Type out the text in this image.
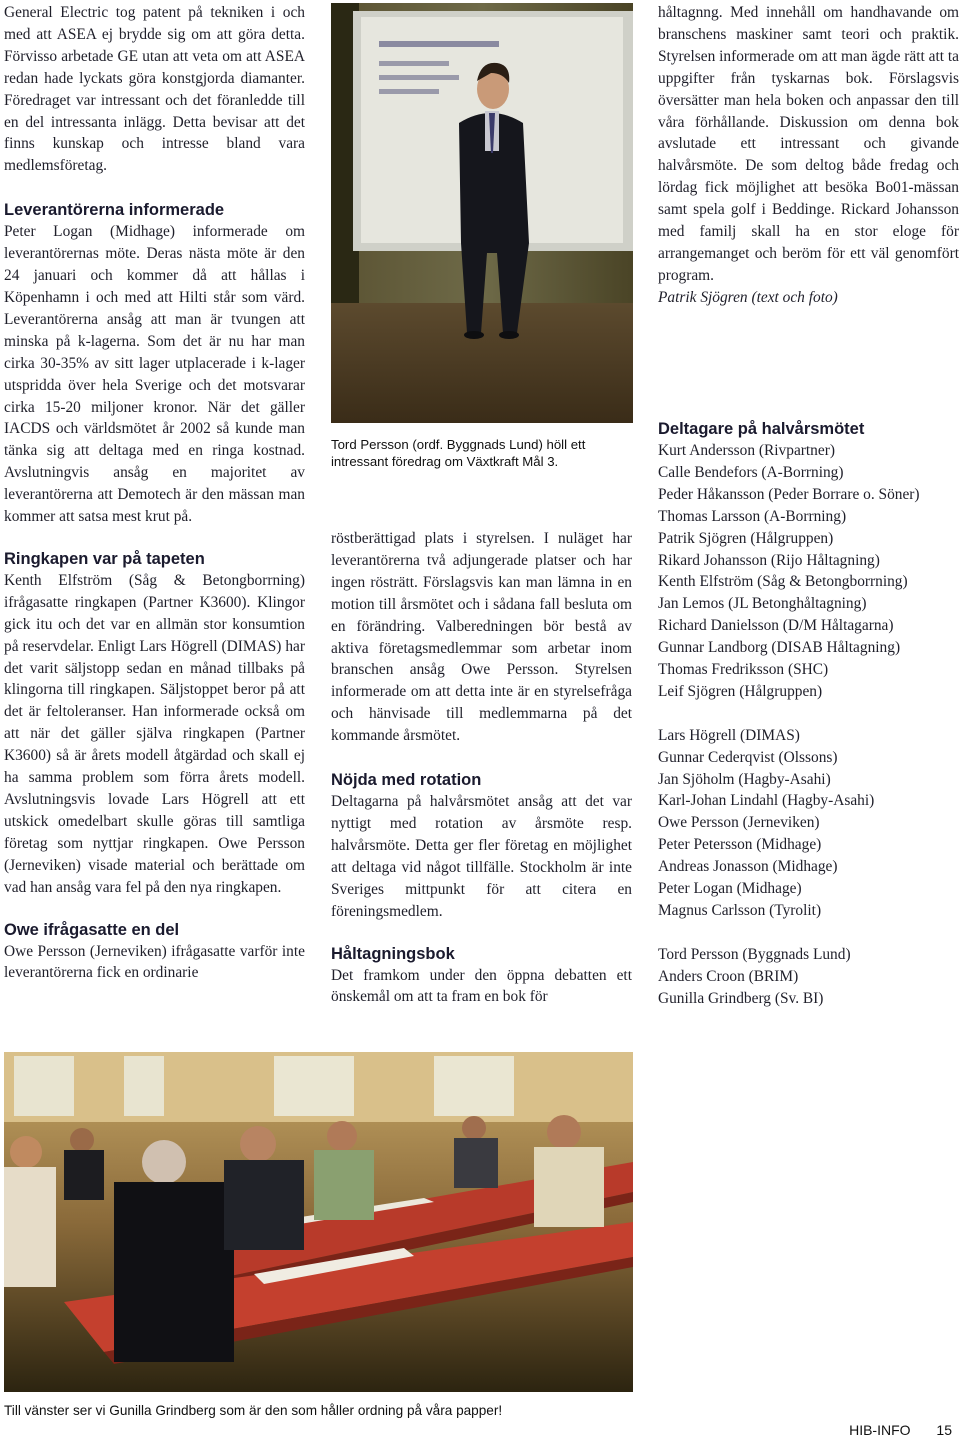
General Electric tog patent på tekniken i och med att ASEA ej brydde sig om att göra detta. Förvisso arbetade GE utan att veta om att ASEA redan hade lyckats göra konstgjorda diamanter. Föredraget var intressant och det föranledde till en del intressanta inlägg. Detta bevisar att det finns kunskap och intresse bland vara medlemsföretag.

Leverantörerna informerade

Peter Logan (Midhage) informerade om leverantörernas möte. Deras nästa möte är den 24 januari och kommer då att hållas i Köpenhamn i och med att Hilti står som värd. Leverantörerna ansåg att man är tvungen att minska på k-lagerna. Som det är nu har man cirka 30-35% av sitt lager utplacerade i k-lager utspridda över hela Sverige och det motsvarar cirka 15-20 miljoner kronor. När det gäller IACDS och världsmötet år 2002 så kunde man tänka sig att deltaga med en ringa kostnad. Avslutningvis ansåg en majoritet av leverantörerna att Demotech är den mässan man kommer att satsa mest krut på.

Ringkapen var på tapeten

Kenth Elfström (Såg & Betongborrning) ifrågasatte ringkapen (Partner K3600). Klingor gick itu och det var en allmän stor konsumtion på reservdelar. Enligt Lars Högrell (DIMAS) har det varit säljstopp sedan en månad tillbaks på klingorna till ringkapen. Säljstoppet beror på att det är feltoleranser. Han informerade också om att när det gäller själva ringkapen (Partner K3600) så är årets modell åtgärdad och skall ej ha samma problem som förra årets modell. Avslutningsvis lovade Lars Högrell att ett utskick omedelbart skulle göras till samtliga företag som nyttjar ringkapen. Owe Persson (Jerneviken) visade material och berättade om vad han ansåg vara fel på den nya ringkapen.

Owe ifrågasatte en del

Owe Persson (Jerneviken) ifrågasatte varför inte leverantörerna fick en ordinarie

Tord Persson (ordf. Byggnads Lund) höll ett intressant föredrag om Växtkraft Mål 3.

röstberättigad plats i styrelsen. I nuläget har leverantörerna två adjungerade platser och har ingen rösträtt. Förslagsvis kan man lämna in en motion till årsmötet och i sådana fall besluta om en förändring. Valberedningen bör bestå av aktiva företagsmedlemmar som arbetar inom branschen ansåg Owe Persson. Styrelsen informerade om att detta inte är en styrelsefråga och hänvisade till medlemmarna på det kommande årsmötet.

Nöjda med rotation

Deltagarna på halvårsmötet ansåg att det var nyttigt med rotation av årsmöte resp. halvårsmöte. Detta ger fler företag en möjlighet att deltaga vid något tillfälle. Stockholm är inte Sveriges mittpunkt för att citera en föreningsmedlem.

Håltagningsbok

Det framkom under den öppna debatten ett önskemål om att ta fram en bok för

håltagnng. Med innehåll om handhavande om branschens maskiner samt teori och praktik. Styrelsen informerade om att man ägde rätt att ta uppgifter från tyskarnas bok. Förslagsvis översätter man hela boken och anpassar den till våra förhållande. Diskussion om denna bok avslutade ett intressant och givande halvårsmöte. De som deltog både fredag och lördag fick möjlighet att besöka Bo01-mässan samt spela golf i Beddinge. Rickard Johansson med familj skall ha en stor eloge för arrangemanget och beröm för ett väl genomfört program.

Patrik Sjögren (text och foto)

Deltagare på halvårsmötet
Kurt Andersson (Rivpartner)
Calle Bendefors (A-Borrning)
Peder Håkansson (Peder Borrare o. Söner)
Thomas Larsson (A-Borrning)
Patrik Sjögren (Hålgruppen)
Rikard Johansson (Rijo Håltagning)
Kenth Elfström (Såg & Betongborrning)
Jan Lemos (JL Betonghåltagning)
Richard Danielsson (D/M Håltagarna)
Gunnar Landborg (DISAB Håltagning)
Thomas Fredriksson (SHC)
Leif Sjögren (Hålgruppen)
Lars Högrell (DIMAS)
Gunnar Cederqvist (Olssons)
Jan Sjöholm (Hagby-Asahi)
Karl-Johan Lindahl (Hagby-Asahi)
Owe Persson (Jerneviken)
Peter Petersson (Midhage)
Andreas Jonasson (Midhage)
Peter Logan (Midhage)
Magnus Carlsson (Tyrolit)
Tord Persson (Byggnads Lund)
Anders Croon (BRIM)
Gunilla Grindberg (Sv. BI)

Till vänster ser vi Gunilla Grindberg som är den som håller ordning på våra papper!

HIB-INFO 15
